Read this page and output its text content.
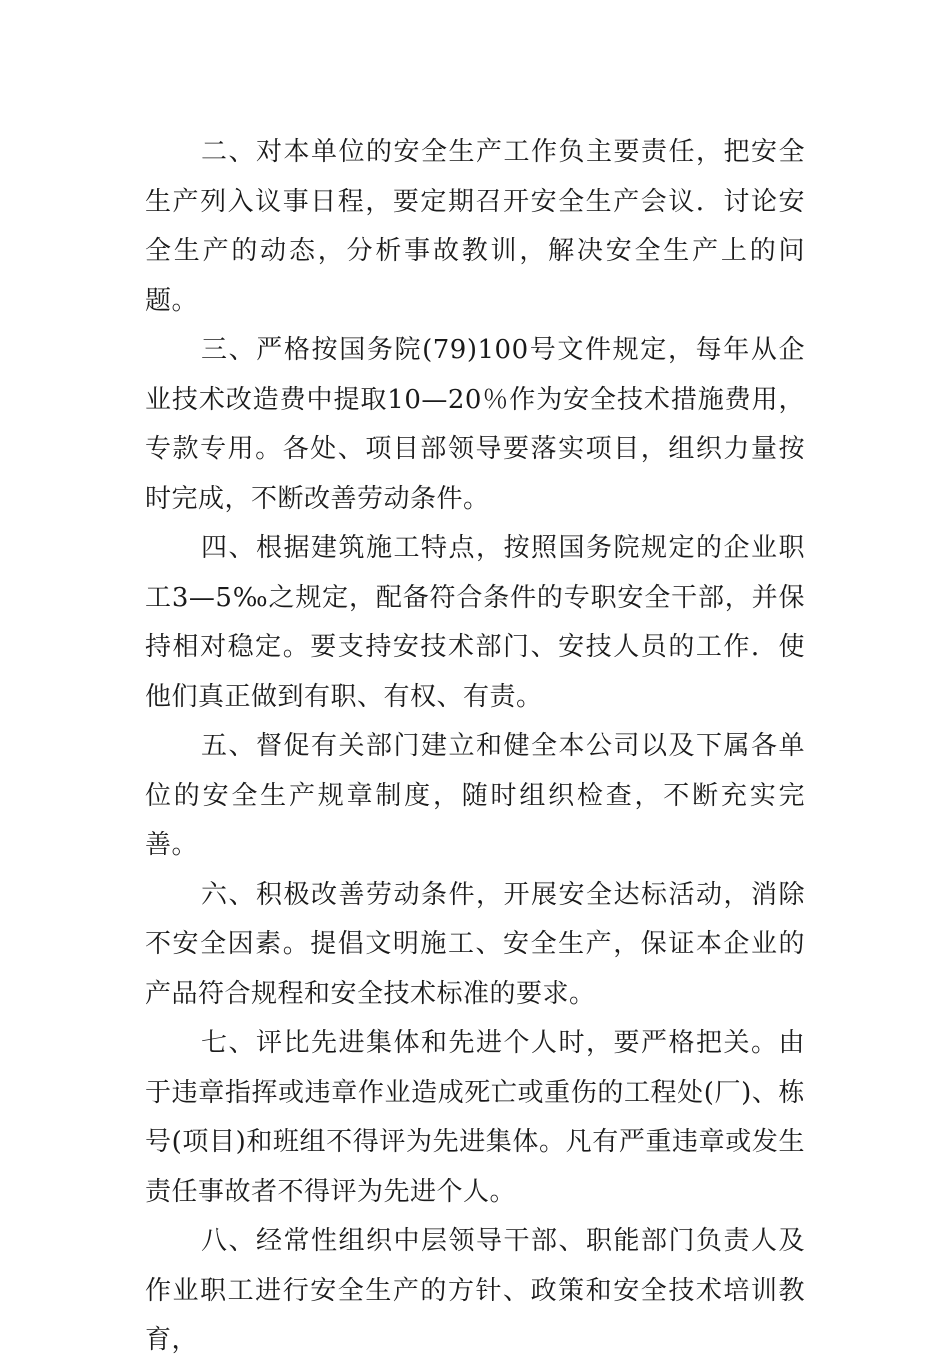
二、对本单位的安全生产工作负主要责任，把安全生产列入议事日程，要定期召开安全生产会议．讨论安全生产的动态，分析事故教训，解决安全生产上的问题。

三、严格按国务院(79)100号文件规定，每年从企业技术改造费中提取10—20％作为安全技术措施费用，专款专用。各处、项目部领导要落实项目，组织力量按时完成，不断改善劳动条件。

四、根据建筑施工特点，按照国务院规定的企业职工3—5‰之规定，配备符合条件的专职安全干部，并保持相对稳定。要支持安技术部门、安技人员的工作．使他们真正做到有职、有权、有责。

五、督促有关部门建立和健全本公司以及下属各单位的安全生产规章制度，随时组织检查，不断充实完善。

六、积极改善劳动条件，开展安全达标活动，消除不安全因素。提倡文明施工、安全生产，保证本企业的产品符合规程和安全技术标准的要求。

七、评比先进集体和先进个人时，要严格把关。由于违章指挥或违章作业造成死亡或重伤的工程处(厂)、栋号(项目)和班组不得评为先进集体。凡有严重违章或发生责任事故者不得评为先进个人。

八、经常性组织中层领导干部、职能部门负责人及作业职工进行安全生产的方针、政策和安全技术培训教育，
